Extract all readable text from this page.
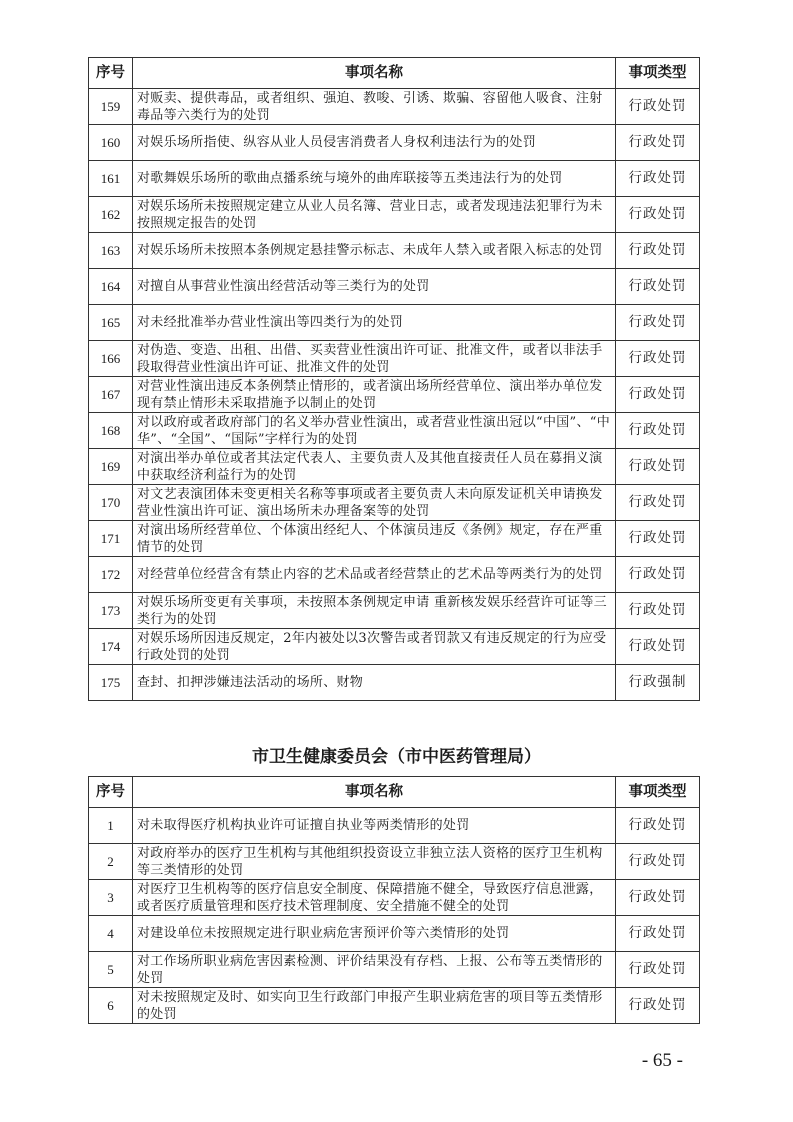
序号	事项名称	事项类型
159	对贩卖、提供毒品，或者组织、强迫、教唆、引诱、欺骗、容留他人吸食、注射毒品等六类行为的处罚	行政处罚
160	对娱乐场所指使、纵容从业人员侵害消费者人身权利违法行为的处罚	行政处罚
161	对歌舞娱乐场所的歌曲点播系统与境外的曲库联接等五类违法行为的处罚	行政处罚
162	对娱乐场所未按照规定建立从业人员名簿、营业日志，或者发现违法犯罪行为未按照规定报告的处罚	行政处罚
163	对娱乐场所未按照本条例规定悬挂警示标志、未成年人禁入或者限入标志的处罚	行政处罚
164	对擅自从事营业性演出经营活动等三类行为的处罚	行政处罚
165	对未经批准举办营业性演出等四类行为的处罚	行政处罚
166	对伪造、变造、出租、出借、买卖营业性演出许可证、批准文件，或者以非法手段取得营业性演出许可证、批准文件的处罚	行政处罚
167	对营业性演出违反本条例禁止情形的，或者演出场所经营单位、演出举办单位发现有禁止情形未采取措施予以制止的处罚	行政处罚
168	对以政府或者政府部门的名义举办营业性演出，或者营业性演出冠以“中国”、“中华”、“全国”、“国际”字样行为的处罚	行政处罚
169	对演出举办单位或者其法定代表人、主要负责人及其他直接责任人员在募捐义演中获取经济利益行为的处罚	行政处罚
170	对文艺表演团体未变更相关名称等事项或者主要负责人未向原发证机关申请换发营业性演出许可证、演出场所未办理备案等的处罚	行政处罚
171	对演出场所经营单位、个体演出经纪人、个体演员违反《条例》规定，存在严重情节的处罚	行政处罚
172	对经营单位经营含有禁止内容的艺术品或者经营禁止的艺术品等两类行为的处罚	行政处罚
173	对娱乐场所变更有关事项，未按照本条例规定申请 重新核发娱乐经营许可证等三类行为的处罚	行政处罚
174	对娱乐场所因违反规定，2年内被处以3次警告或者罚款又有违反规定的行为应受行政处罚的处罚	行政处罚
175	查封、扣押涉嫌违法活动的场所、财物	行政强制
市卫生健康委员会（市中医药管理局）
序号	事项名称	事项类型
1	对未取得医疗机构执业许可证擅自执业等两类情形的处罚	行政处罚
2	对政府举办的医疗卫生机构与其他组织投资设立非独立法人资格的医疗卫生机构等三类情形的处罚	行政处罚
3	对医疗卫生机构等的医疗信息安全制度、保障措施不健全，导致医疗信息泄露，或者医疗质量管理和医疗技术管理制度、安全措施不健全的处罚	行政处罚
4	对建设单位未按照规定进行职业病危害预评价等六类情形的处罚	行政处罚
5	对工作场所职业病危害因素检测、评价结果没有存档、上报、公布等五类情形的处罚	行政处罚
6	对未按照规定及时、如实向卫生行政部门申报产生职业病危害的项目等五类情形的处罚	行政处罚
- 65 -
